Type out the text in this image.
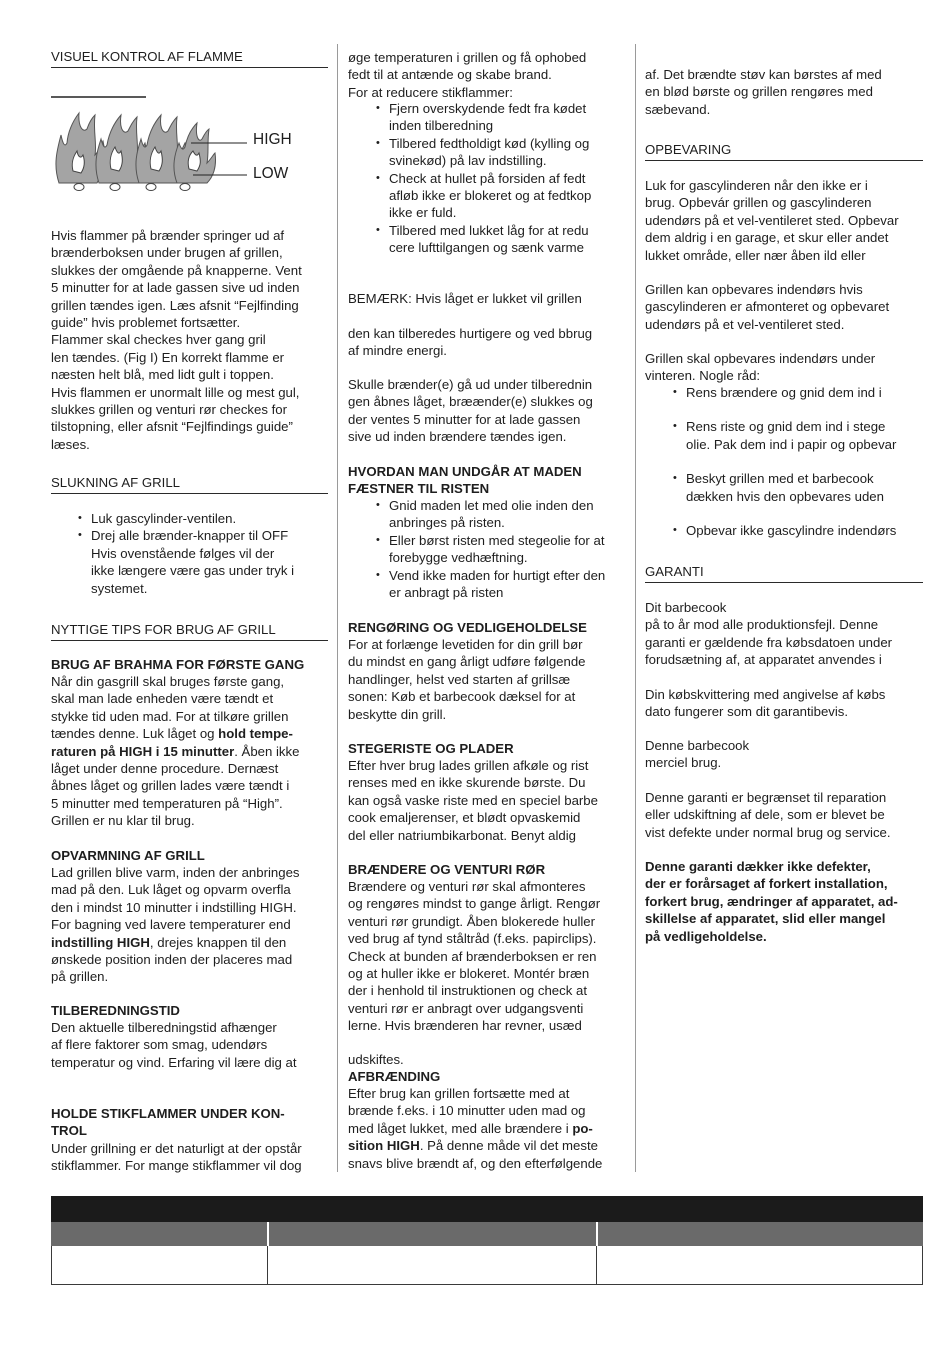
VISUEL KONTROL AF FLAMME
HIGH
LOW

Hvis flammer på brænder springer ud af
brænderboksen under brugen af grillen,
slukkes der omgående på knapperne. Vent
5 minutter for at lade gassen sive ud inden
grillen tændes igen. Læs afsnit “Fejlfinding
guide” hvis problemet fortsætter.
Flammer skal checkes hver gang gril
len tændes. (Fig I) En korrekt flamme er
næsten helt blå, med lidt gult i toppen.
Hvis flammen er unormalt lille og mest gul,
slukkes grillen og venturi rør checkes for
tilstopning, eller afsnit “Fejlfindings guide”
læses.

SLUKNING AF GRILL
• Luk gascylinder-ventilen.
• Drej alle brænder-knapper til OFF
Hvis ovenstående følges vil der
ikke længere være gas under tryk i
systemet.
NYTTIGE TIPS FOR BRUG AF GRILL
BRUG AF BRAHMA FOR FØRSTE GANG

Når din gasgrill skal bruges første gang,
skal man lade enheden være tændt et
stykke tid uden mad. For at tilkøre grillen
tændes denne. Luk låget og hold tempe-
raturen på HIGH i 15 minutter. Åben ikke
låget under denne procedure. Dernæst
åbnes låget og grillen lades være tændt i
5 minutter med temperaturen på “High”.
Grillen er nu klar til brug.

OPVARMNING AF GRILL

Lad grillen blive varm, inden der anbringes
mad på den. Luk låget og opvarm overfla
den i mindst 10 minutter i indstilling HIGH.
For bagning ved lavere temperaturer end
indstilling HIGH, drejes knappen til den
ønskede position inden der placeres mad
på grillen.

TILBEREDNINGSTID

Den aktuelle tilberedningstid afhænger
af flere faktorer som smag, udendørs
temperatur og vind. Erfaring vil lære dig at

HOLDE STIKFLAMMER UNDER KON-
TROL

Under grillning er det naturligt at der opstår
stikflammer. For mange stikflammer vil dog

øge temperaturen i grillen og få ophobed
fedt til at antænde og skabe brand.
For at reducere stikflammer:

• Fjern overskydende fedt fra kødet
inden tilberedning
• Tilbered fedtholdigt kød (kylling og
svinekød) på lav indstilling.
• Check at hullet på forsiden af fedt
afløb ikke er blokeret og at fedtkop
ikke er fuld.
• Tilbered med lukket låg for at redu
cere lufttilgangen og sænk varme

BEMÆRK: Hvis låget er lukket vil grillen

den kan tilberedes hurtigere og ved bbrug
af mindre energi.

Skulle brænder(e) gå ud under tilberednin
gen åbnes låget, bræænder(e) slukkes og
der ventes 5 minutter for at lade gassen
sive ud inden brændere tændes igen.

HVORDAN MAN UNDGÅR AT MADEN
FÆSTNER TIL RISTEN
• Gnid maden let med olie inden den
anbringes på risten.
• Eller børst risten med stegeolie for at
forebygge vedhæftning.
• Vend ikke maden for hurtigt efter den
er anbragt på risten
RENGØRING OG VEDLIGEHOLDELSE

For at forlænge levetiden for din grill bør
du mindst en gang årligt udføre følgende
handlinger, helst ved starten af grillsæ
sonen: Køb et barbecook dæksel for at
beskytte din grill.

STEGERISTE OG PLADER

Efter hver brug lades grillen afkøle og rist
renses med en ikke skurende børste. Du
kan også vaske riste med en speciel barbe
cook emaljerenser, et blødt opvaskemid
del eller natriumbikarbonat. Benyt aldig

BRÆNDERE OG VENTURI RØR

Brændere og venturi rør skal afmonteres
og rengøres mindst to gange årligt. Rengør
venturi rør grundigt. Åben blokerede huller
ved brug af tynd ståltråd (f.eks. papirclips).
Check at bunden af brænderboksen er ren
og at huller ikke er blokeret. Montér bræn
der i henhold til instruktionen og check at
venturi rør er anbragt over udgangsventi
lerne. Hvis brænderen har revner, usæd

udskiftes.

AFBRÆNDING

Efter brug kan grillen fortsætte med at
brænde f.eks. i 10 minutter uden mad og
med låget lukket, med alle brændere i po-
sition HIGH. På denne måde vil det meste
snavs blive brændt af, og den efterfølgende

af. Det brændte støv kan børstes af med
en blød børste og grillen rengøres med
sæbevand.

OPBEVARING

Luk for gascylinderen når den ikke er i
brug. Opbevár grillen og gascylinderen
udendørs på et vel-ventileret sted. Opbevar
dem aldrig i en garage, et skur eller andet
lukket område, eller nær åben ild eller

Grillen kan opbevares indendørs hvis
gascylinderen er afmonteret og opbevaret
udendørs på et vel-ventileret sted.

Grillen skal opbevares indendørs under
vinteren. Nogle råd:

• Rens brændere og gnid dem ind i
• Rens riste og gnid dem ind i stege
olie. Pak dem ind i papir og opbevar
• Beskyt grillen med et barbecook
dækken hvis den opbevares uden
• Opbevar ikke gascylindre indendørs
GARANTI

Dit barbecook
på to år mod alle produktionsfejl. Denne
garanti er gældende fra købsdatoen under
forudsætning af, at apparatet anvendes i

Din købskvittering med angivelse af købs
dato fungerer som dit garantibevis.

Denne barbecook
merciel brug.

Denne garanti er begrænset til reparation
eller udskiftning af dele, som er blevet be
vist defekte under normal brug og service.

Denne garanti dækker ikke defekter,
der er forårsaget af forkert installation,
forkert brug, ændringer af apparatet, ad-
skillelse af apparatet, slid eller mangel
på vedligeholdelse.
